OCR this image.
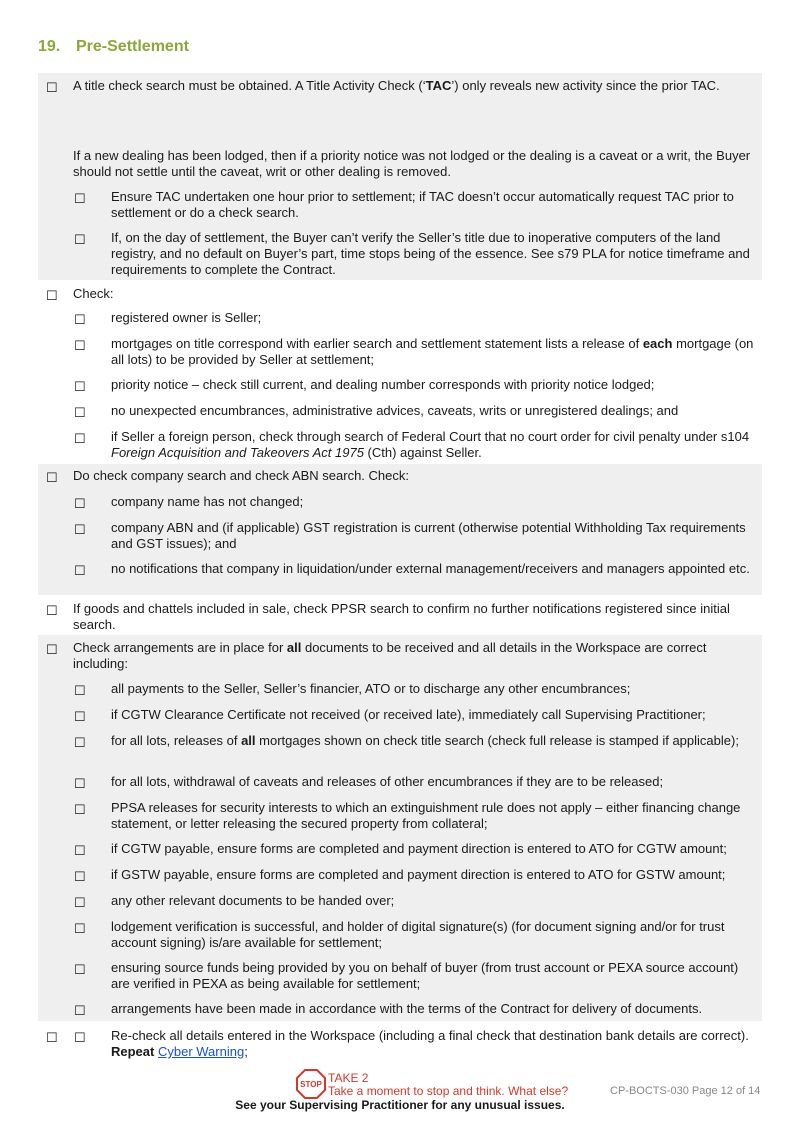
19. Pre-Settlement
☐ A title check search must be obtained. A Title Activity Check (‘TAC’) only reveals new activity since the prior TAC.
If a new dealing has been lodged, then if a priority notice was not lodged or the dealing is a caveat or a writ, the Buyer should not settle until the caveat, writ or other dealing is removed.
☐ Ensure TAC undertaken one hour prior to settlement; if TAC doesn’t occur automatically request TAC prior to settlement or do a check search.
☐ If, on the day of settlement, the Buyer can’t verify the Seller’s title due to inoperative computers of the land registry, and no default on Buyer’s part, time stops being of the essence. See s79 PLA for notice timeframe and requirements to complete the Contract.
☐ Check:
☐ registered owner is Seller;
☐ mortgages on title correspond with earlier search and settlement statement lists a release of each mortgage (on all lots) to be provided by Seller at settlement;
☐ priority notice – check still current, and dealing number corresponds with priority notice lodged;
☐ no unexpected encumbrances, administrative advices, caveats, writs or unregistered dealings; and
☐ if Seller a foreign person, check through search of Federal Court that no court order for civil penalty under s104 Foreign Acquisition and Takeovers Act 1975 (Cth) against Seller.
☐ Do check company search and check ABN search. Check:
☐ company name has not changed;
☐ company ABN and (if applicable) GST registration is current (otherwise potential Withholding Tax requirements and GST issues); and
☐ no notifications that company in liquidation/under external management/receivers and managers appointed etc.
☐ If goods and chattels included in sale, check PPSR search to confirm no further notifications registered since initial search.
☐ Check arrangements are in place for all documents to be received and all details in the Workspace are correct including:
☐ all payments to the Seller, Seller’s financier, ATO or to discharge any other encumbrances;
☐ if CGTW Clearance Certificate not received (or received late), immediately call Supervising Practitioner;
☐ for all lots, releases of all mortgages shown on check title search (check full release is stamped if applicable);
☐ for all lots, withdrawal of caveats and releases of other encumbrances if they are to be released;
☐ PPSA releases for security interests to which an extinguishment rule does not apply – either financing change statement, or letter releasing the secured property from collateral;
☐ if CGTW payable, ensure forms are completed and payment direction is entered to ATO for CGTW amount;
☐ if GSTW payable, ensure forms are completed and payment direction is entered to ATO for GSTW amount;
☐ any other relevant documents to be handed over;
☐ lodgement verification is successful, and holder of digital signature(s) (for document signing and/or for trust account signing) is/are available for settlement;
☐ ensuring source funds being provided by you on behalf of buyer (from trust account or PEXA source account) are verified in PEXA as being available for settlement;
☐ arrangements have been made in accordance with the terms of the Contract for delivery of documents.
☐ ☐ Re-check all details entered in the Workspace (including a final check that destination bank details are correct). Repeat Cyber Warning;
STOP TAKE 2
Take a moment to stop and think. What else?	CP-BOCTS-030 Page 12 of 14
See your Supervising Practitioner for any unusual issues.
